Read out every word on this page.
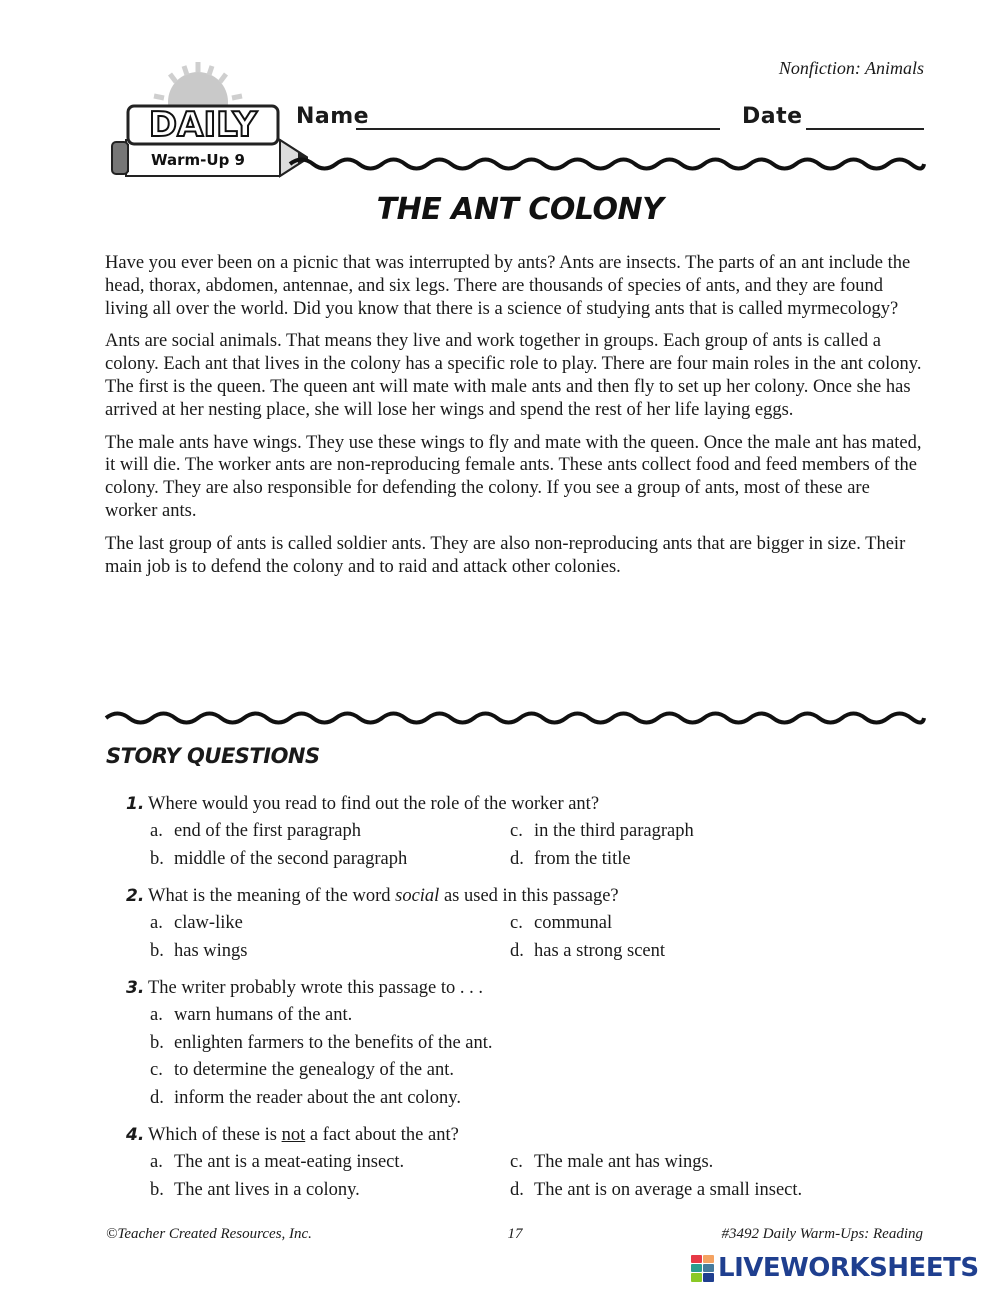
Nonfiction: Animals
DAILY
Warm-Up 9
Name	Date
THE ANT COLONY

Have you ever been on a picnic that was interrupted by ants? Ants are insects. The parts of an ant include the head, thorax, abdomen, antennae, and six legs. There are thousands of species of ants, and they are found living all over the world. Did you know that there is a science of studying ants that is called myrmecology?

Ants are social animals. That means they live and work together in groups. Each group of ants is called a colony. Each ant that lives in the colony has a specific role to play. There are four main roles in the ant colony. The first is the queen. The queen ant will mate with male ants and then fly to set up her colony. Once she has arrived at her nesting place, she will lose her wings and spend the rest of her life laying eggs.

The male ants have wings. They use these wings to fly and mate with the queen. Once the male ant has mated, it will die. The worker ants are non-reproducing female ants. These ants collect food and feed members of the colony. They are also responsible for defending the colony. If you see a group of ants, most of these are worker ants.

The last group of ants is called soldier ants. They are also non-reproducing ants that are bigger in size. Their main job is to defend the colony and to raid and attack other colonies.

STORY QUESTIONS
1. Where would you read to find out the role of the worker ant?
a. end of the first paragraph	c. in the third paragraph
b. middle of the second paragraph	d. from the title
2. What is the meaning of the word social as used in this passage?
a. claw-like	c. communal
b. has wings	d. has a strong scent
3. The writer probably wrote this passage to . . .
a. warn humans of the ant.
b. enlighten farmers to the benefits of the ant.
c. to determine the genealogy of the ant.
d. inform the reader about the ant colony.
4. Which of these is not a fact about the ant?
a. The ant is a meat-eating insect.	c. The male ant has wings.
b. The ant lives in a colony.	d. The ant is on average a small insect.
©Teacher Created Resources, Inc.	17	#3492 Daily Warm-Ups: Reading
LIVEWORKSHEETS
